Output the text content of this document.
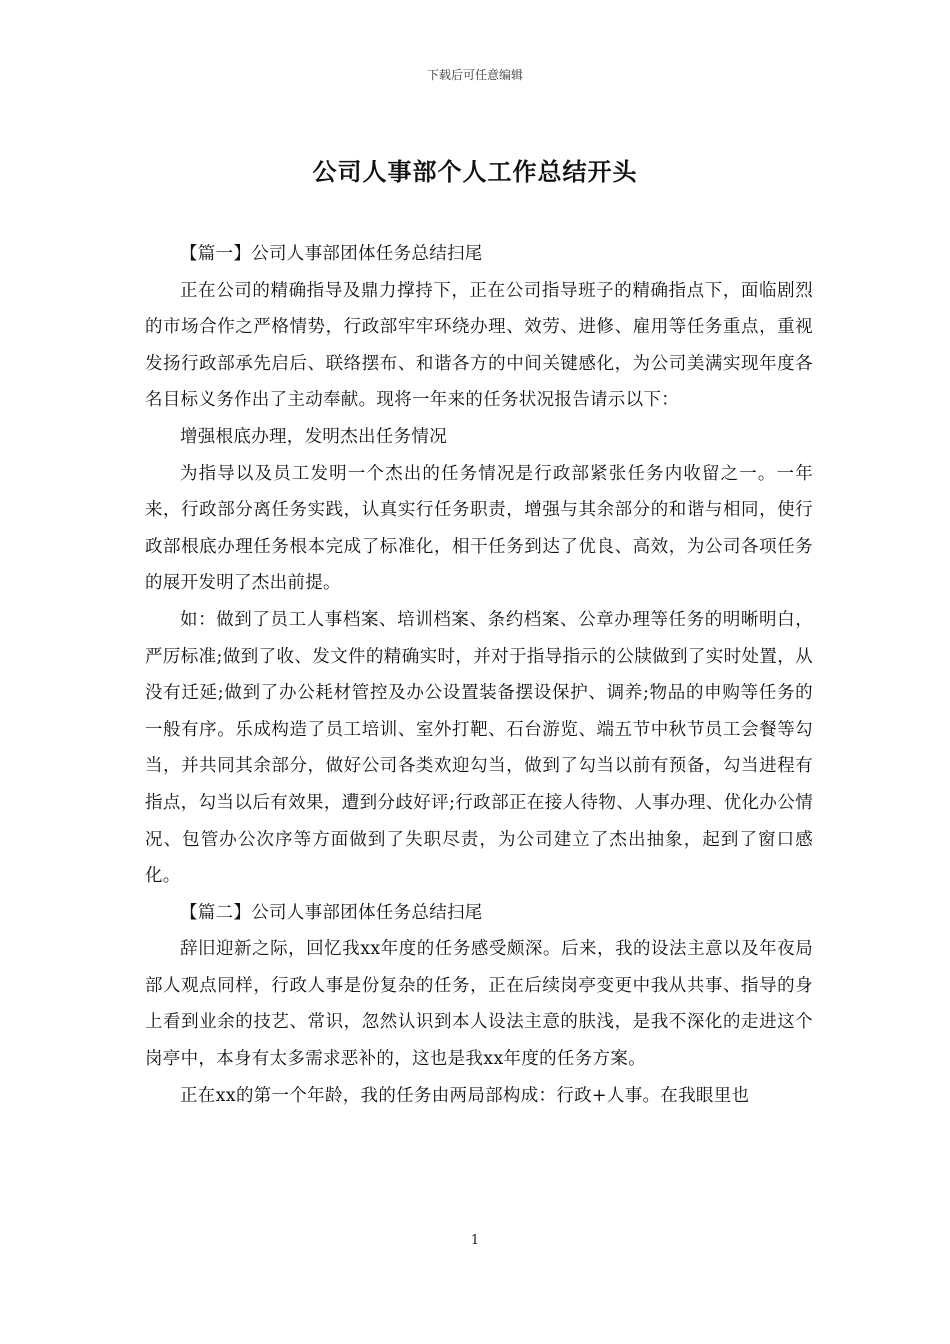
下载后可任意编辑
公司人事部个人工作总结开头

【篇一】公司人事部团体任务总结扫尾

正在公司的精确指导及鼎力撑持下，正在公司指导班子的精确指点下，面临剧烈的市场合作之严格情势，行政部牢牢环绕办理、效劳、进修、雇用等任务重点，重视发扬行政部承先启后、联络摆布、和谐各方的中间关键感化，为公司美满实现年度各名目标义务作出了主动奉献。现将一年来的任务状况报告请示以下：

增强根底办理，发明杰出任务情况

为指导以及员工发明一个杰出的任务情况是行政部紧张任务内收留之一。一年来，行政部分离任务实践，认真实行任务职责，增强与其余部分的和谐与相同，使行政部根底办理任务根本完成了标准化，相干任务到达了优良、高效，为公司各项任务的展开发明了杰出前提。

如：做到了员工人事档案、培训档案、条约档案、公章办理等任务的明晰明白，严厉标准;做到了收、发文件的精确实时，并对于指导指示的公牍做到了实时处置，从没有迁延;做到了办公耗材管控及办公设置装备摆设保护、调养;物品的申购等任务的一般有序。乐成构造了员工培训、室外打靶、石台游览、端五节中秋节员工会餐等勾当，并共同其余部分，做好公司各类欢迎勾当，做到了勾当以前有预备，勾当进程有指点，勾当以后有效果，遭到分歧好评;行政部正在接人待物、人事办理、优化办公情况、包管办公次序等方面做到了失职尽责，为公司建立了杰出抽象，起到了窗口感化。

【篇二】公司人事部团体任务总结扫尾

辞旧迎新之际，回忆我xx年度的任务感受颇深。后来，我的设法主意以及年夜局部人观点同样，行政人事是份复杂的任务，正在后续岗亭变更中我从共事、指导的身上看到业余的技艺、常识，忽然认识到本人设法主意的肤浅，是我不深化的走进这个岗亭中，本身有太多需求恶补的，这也是我xx年度的任务方案。

正在xx的第一个年龄，我的任务由两局部构成：行政+人事。在我眼里也

1
